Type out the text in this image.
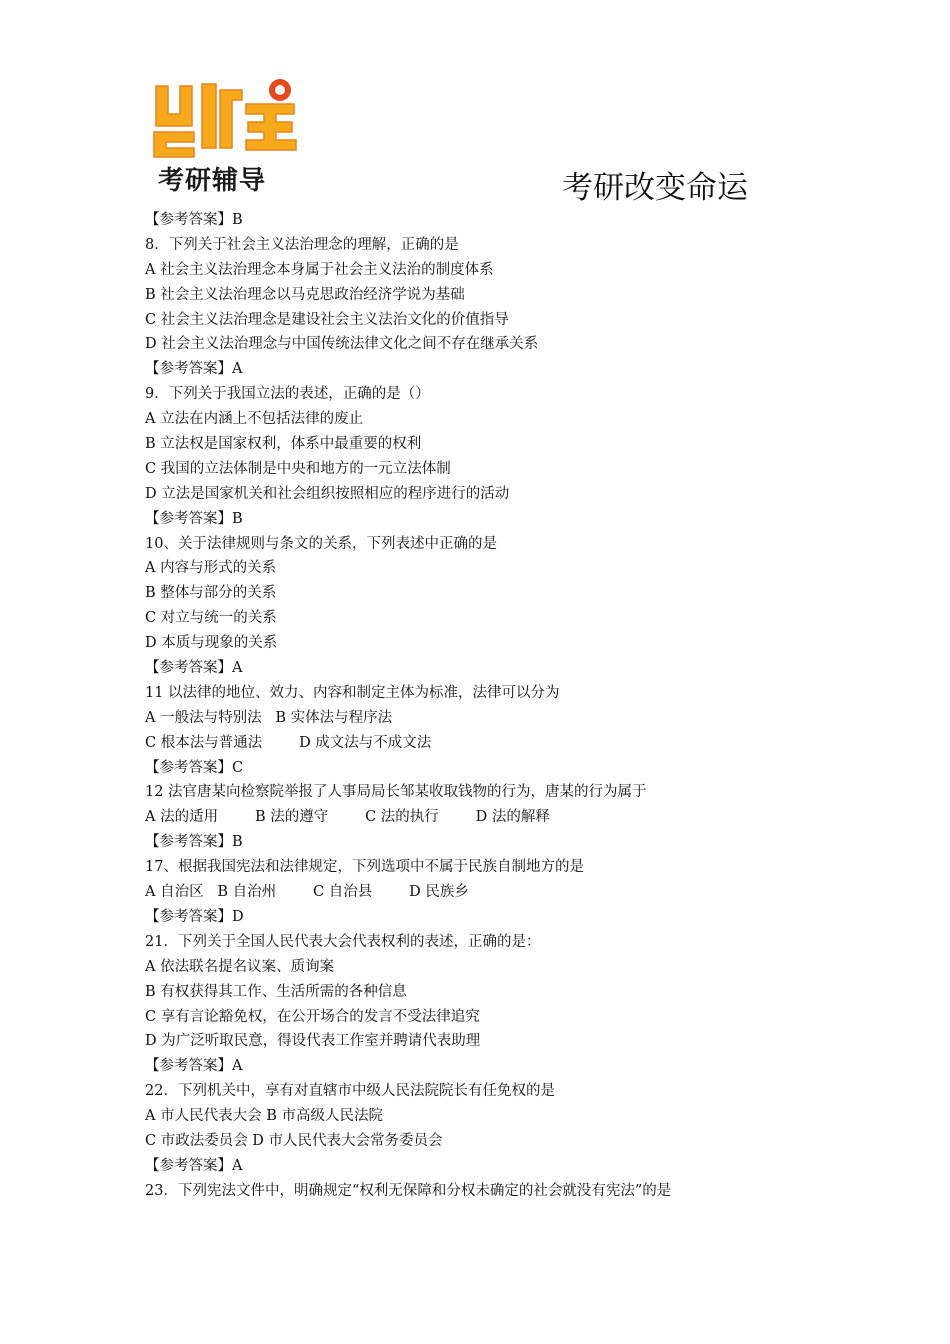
考研辅导	考研改变命运
【参考答案】B
8．下列关于社会主义法治理念的理解，正确的是
A 社会主义法治理念本身属于社会主义法治的制度体系
B 社会主义法治理念以马克思政治经济学说为基础
C 社会主义法治理念是建设社会主义法治文化的价值指导
D 社会主义法治理念与中国传统法律文化之间不存在继承关系
【参考答案】A
9．下列关于我国立法的表述，正确的是（）
A 立法在内涵上不包括法律的废止
B 立法权是国家权利，体系中最重要的权利
C 我国的立法体制是中央和地方的一元立法体制
D 立法是国家机关和社会组织按照相应的程序进行的活动
【参考答案】B
10、关于法律规则与条文的关系，下列表述中正确的是
A 内容与形式的关系
B 整体与部分的关系
C 对立与统一的关系
D 本质与现象的关系
【参考答案】A
11 以法律的地位、效力、内容和制定主体为标准，法律可以分为
A 一般法与特别法   B 实体法与程序法
C 根本法与普通法        D 成文法与不成文法
【参考答案】C
12 法官唐某向检察院举报了人事局局长邹某收取钱物的行为，唐某的行为属于
A 法的适用        B 法的遵守        C 法的执行        D 法的解释
【参考答案】B
17、根据我国宪法和法律规定，下列选项中不属于民族自制地方的是
A 自治区   B 自治州        C 自治县        D 民族乡
【参考答案】D
21．下列关于全国人民代表大会代表权利的表述，正确的是：
A 依法联名提名议案、质询案
B 有权获得其工作、生活所需的各种信息
C 享有言论豁免权，在公开场合的发言不受法律追究
D 为广泛听取民意，得设代表工作室并聘请代表助理
【参考答案】A
22．下列机关中，享有对直辖市中级人民法院院长有任免权的是
A 市人民代表大会 B 市高级人民法院
C 市政法委员会 D 市人民代表大会常务委员会
【参考答案】A
23．下列宪法文件中，明确规定“权利无保障和分权未确定的社会就没有宪法”的是
